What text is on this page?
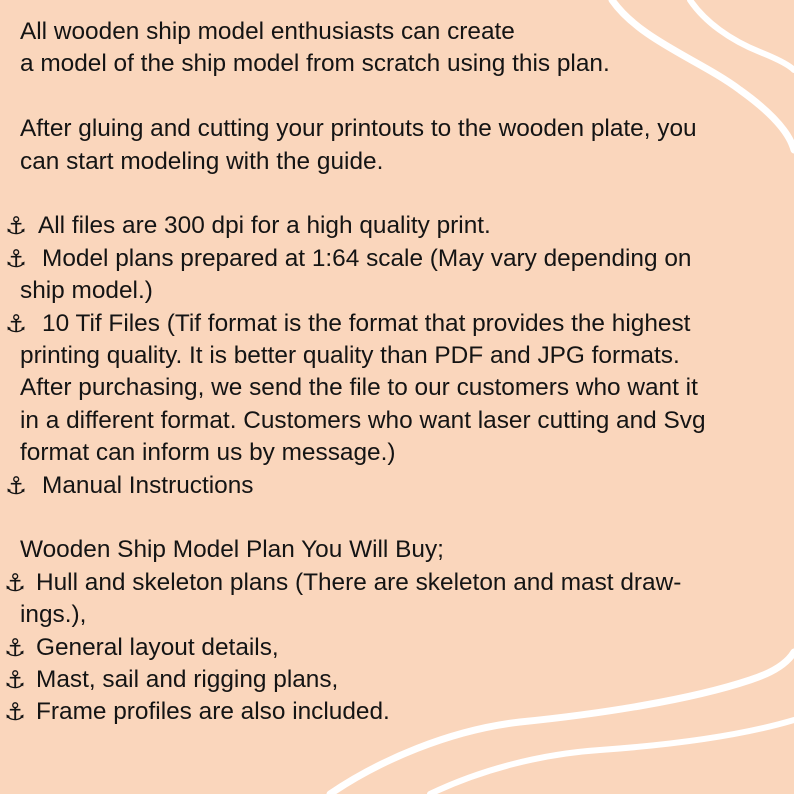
All wooden ship model enthusiasts can create

a model of the ship model from scratch using this plan.

After gluing and cutting your printouts to the wooden plate, you

can start modeling with the guide.

⚓ All files are 300 dpi for a high quality print.
⚓ Model plans prepared at 1:64 scale (May vary depending on
ship model.)
⚓ 10 Tif Files (Tif format is the format that provides the highest
printing quality. It is better quality than PDF and JPG formats.
After purchasing, we send the file to our customers who want it
in a different format. Customers who want laser cutting and Svg
format can inform us by message.)
⚓ Manual Instructions

Wooden Ship Model Plan You Will Buy;

⚓ Hull and skeleton plans (There are skeleton and mast draw-
ings.),
⚓ General layout details,
⚓ Mast, sail and rigging plans,
⚓ Frame profiles are also included.
